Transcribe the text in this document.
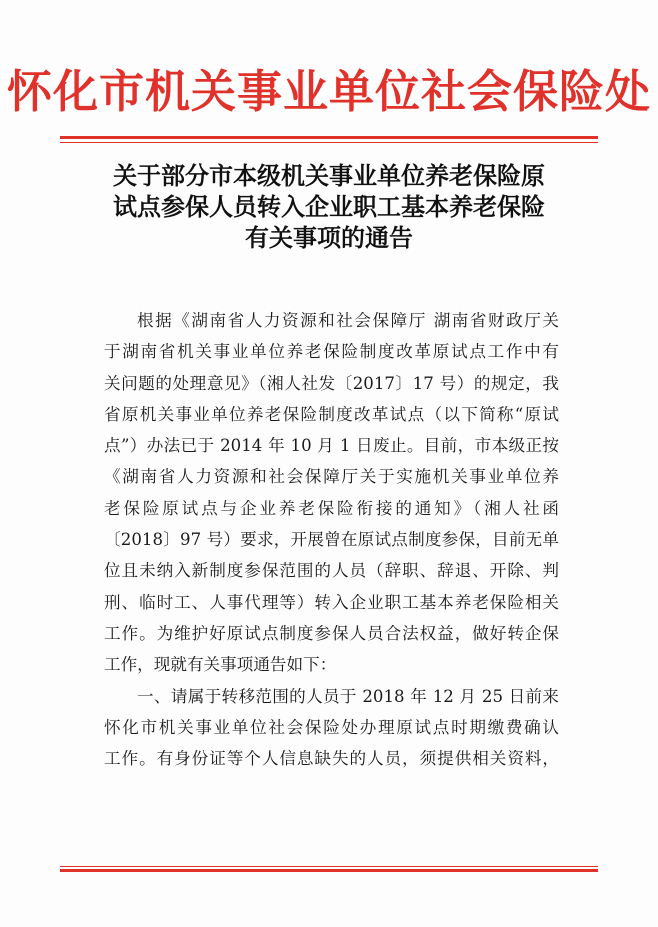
怀化市机关事业单位社会保险处
关于部分市本级机关事业单位养老保险原
试点参保人员转入企业职工基本养老保险
有关事项的通告
根据《湖南省人力资源和社会保障厅 湖南省财政厅关
于湖南省机关事业单位养老保险制度改革原试点工作中有
关问题的处理意见》（湘人社发〔2017〕17 号）的规定，我
省原机关事业单位养老保险制度改革试点（以下简称“原试
点”）办法已于 2014 年 10 月 1 日废止。目前，市本级正按
《湖南省人力资源和社会保障厅关于实施机关事业单位养
老保险原试点与企业养老保险衔接的通知》（湘人社函
〔2018〕97 号）要求，开展曾在原试点制度参保，目前无单
位且未纳入新制度参保范围的人员（辞职、辞退、开除、判
刑、临时工、人事代理等）转入企业职工基本养老保险相关
工作。为维护好原试点制度参保人员合法权益，做好转企保
工作，现就有关事项通告如下：
一、请属于转移范围的人员于 2018 年 12 月 25 日前来
怀化市机关事业单位社会保险处办理原试点时期缴费确认
工作。有身份证等个人信息缺失的人员，须提供相关资料，
